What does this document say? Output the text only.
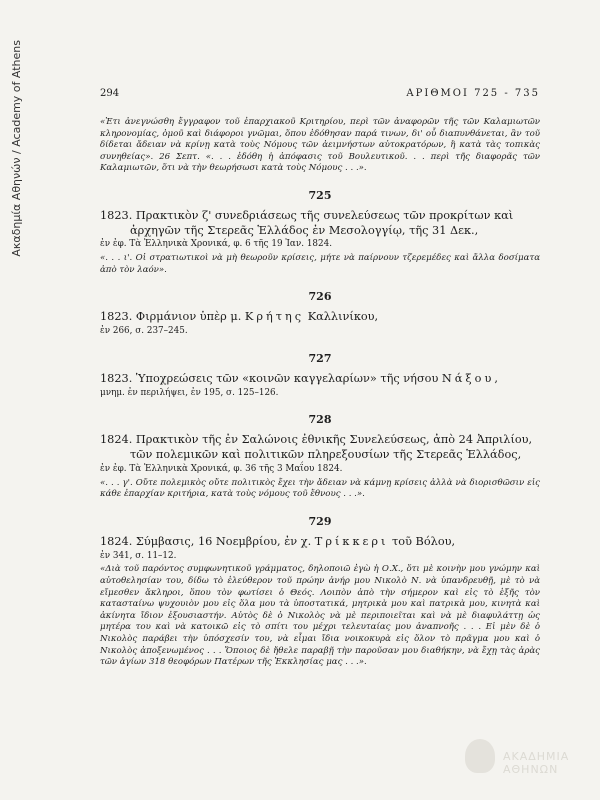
Ακαδημία Αθηνών / Academy of Athens	294	ΑΡΙΘΜΟΙ 725 - 735

«Ἐτι ἀνεγνώσθη ἔγγραφον τοῦ ἐπαρχιακοῦ Κριτηρίου, περὶ τῶν ἀναφορῶν τῆς τῶν Καλαμιωτῶν κληρονομίας, ὁμοῦ καὶ διάφοροι γνῶμαι, ὅπου ἐδόθησαν παρά τινων, δι' οὗ διαπυνθάνεται, ἂν τοῦ δίδεται ἄδειαν νὰ κρίνῃ κατὰ τοὺς Νόμους τῶν ἀειμνήστων αὐτοκρατόρων, ἢ κατὰ τὰς τοπικὰς συνηθείας». 26 Σεπτ. «. . . ἐδόθη ἡ ἀπόφασις τοῦ Βουλευτικοῦ. . . περὶ τῆς διαφορᾶς τῶν Καλαμιωτῶν, ὅτι νὰ τὴν θεωρήσωσι κατὰ τοὺς Νόμους . . .».

725
1823. Πρακτικὸν ζ' συνεδριάσεως τῆς συνελεύσεως τῶν προκρίτων καὶ
ἀρχηγῶν τῆς Στερεᾶς Ἑλλάδος ἐν Μεσολογγίῳ, τῆς 31 Δεκ.,
ἐν ἐφ. Τὰ Ἑλληνικὰ Χρονικά, φ. 6 τῆς 19 Ἰαν. 1824.

«. . . ι'. Οἱ στρατιωτικοὶ νὰ μὴ θεωροῦν κρίσεις, μήτε νὰ παίρνουν τζερεμέδες καὶ ἄλλα δοσίματα ἀπὸ τὸν λαόν».

726
1823. Φιρμάνιον ὑπὲρ μ. Κρήτης Καλλινίκου,
ἐν 266, σ. 237–245.
727
1823. Ὑποχρεώσεις τῶν «κοινῶν καγγελαρίων» τῆς νήσου Νάξου,
μνημ. ἐν περιλήψει, ἐν 195, σ. 125–126.
728
1824. Πρακτικὸν τῆς ἐν Σαλώνοις ἐθνικῆς Συνελεύσεως, ἀπὸ 24 Ἀπριλίου,
τῶν πολεμικῶν καὶ πολιτικῶν πληρεξουσίων τῆς Στερεᾶς Ἑλλάδος,
ἐν ἐφ. Τὰ Ἑλληνικὰ Χρονικά, φ. 36 τῆς 3 Μαΐου 1824.

«. . . γ'. Οὔτε πολεμικὸς οὔτε πολιτικὸς ἔχει τὴν ἄδειαν νὰ κάμνῃ κρίσεις ἀλλὰ νὰ διορισθῶσιν εἰς κάθε ἐπαρχίαν κριτήρια, κατὰ τοὺς νόμους τοῦ ἔθνους . . .».

729
1824. Σύμβασις, 16 Νοεμβρίου, ἐν χ. Τρίκκερι τοῦ Βόλου,
ἐν 341, σ. 11–12.

«Διὰ τοῦ παρόντος συμφωνητικοῦ γράμματος, δηλοποιῶ ἐγὼ ἡ Ο.Χ., ὅτι μὲ κοινὴν μου γνώμην καὶ αὐτοθελησίαν του, δίδω τὸ ἐλεύθερον τοῦ πρώην ἀνήρ μου Νικολὸ Ν. νὰ ὑπανδρευθῇ, μὲ τὸ νὰ εἴμεσθεν ἄκληροι, ὅπου τὸν φωτίσει ὁ Θεός. Λοιπὸν ἀπὸ τὴν σήμερον καὶ εἰς τὸ ἑξῆς τὸν κατασταίνω ψυχουιὸν μου εἰς ὅλα μου τὰ ὑποστατικά, μητρικὰ μου καὶ πατρικὰ μου, κινητὰ καὶ ἀκίνητα ἴδιον ἐξουσιαστήν. Αὐτὸς δὲ ὁ Νικολὸς νὰ μὲ περιποιεῖται καὶ νὰ μὲ διαφυλάττῃ ὡς μητέρα του καὶ νὰ κατοικῶ εἰς τὸ σπίτι του μέχρι τελευταίας μου ἀναπνοῆς . . . Εἰ μὲν δὲ ὁ Νικολὸς παράβει τὴν ὑπόσχεσίν του, νὰ εἶμαι ἴδια νοικοκυρὰ εἰς ὅλον τὸ πρᾶγμα μου καὶ ὁ Νικολὸς ἀποξενωμένος . . . Ὅποιος δὲ ἤθελε παραβῇ τὴν παροῦσαν μου διαθήκην, νὰ ἔχῃ τὰς ἀρὰς τῶν ἁγίων 318 θεοφόρων Πατέρων τῆς Ἐκκλησίας μας . . .».

ΑΚΑΔΗΜΙΑ ΑΘΗΝΩΝ
